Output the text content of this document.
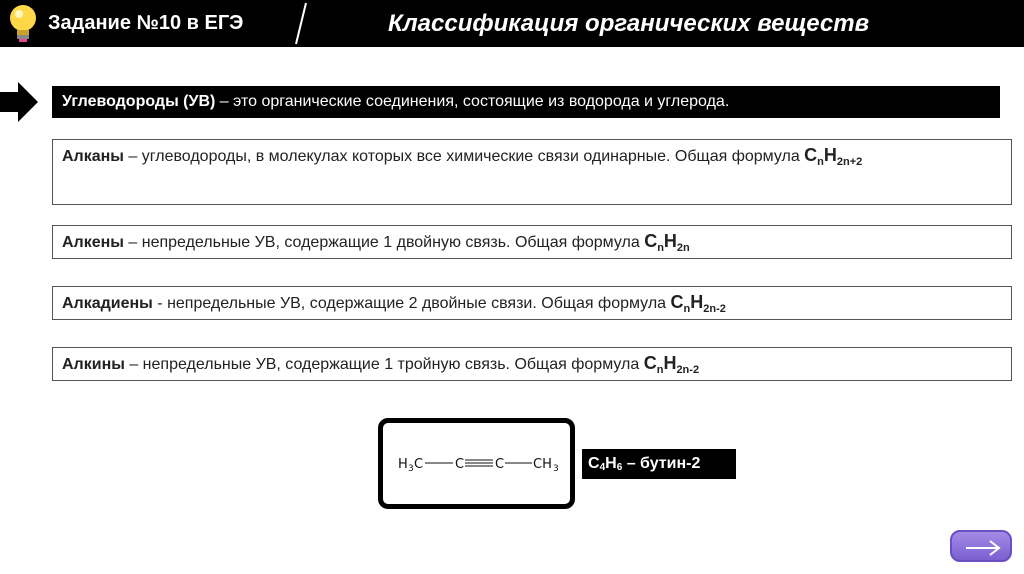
Задание №10 в ЕГЭ	Классификация органических веществ
Углеводороды (УВ) – это органические соединения, состоящие из водорода и углерода.
Алканы – углеводороды, в молекулах которых все химические связи одинарные. Общая формула $C_nH_{2n+2}$
Алкены – непредельные УВ, содержащие 1 двойную связь. Общая формула $C_nH_{2n}$
Алкадиены - непредельные УВ, содержащие 2 двойные связи. Общая формула $C_nH_{2n-2}$
Алкины – непредельные УВ, содержащие 1 тройную связь. Общая формула $C_nH_{2n-2}$
H 3 C C C CH 3	$C_4H_6$ – бутин-2
